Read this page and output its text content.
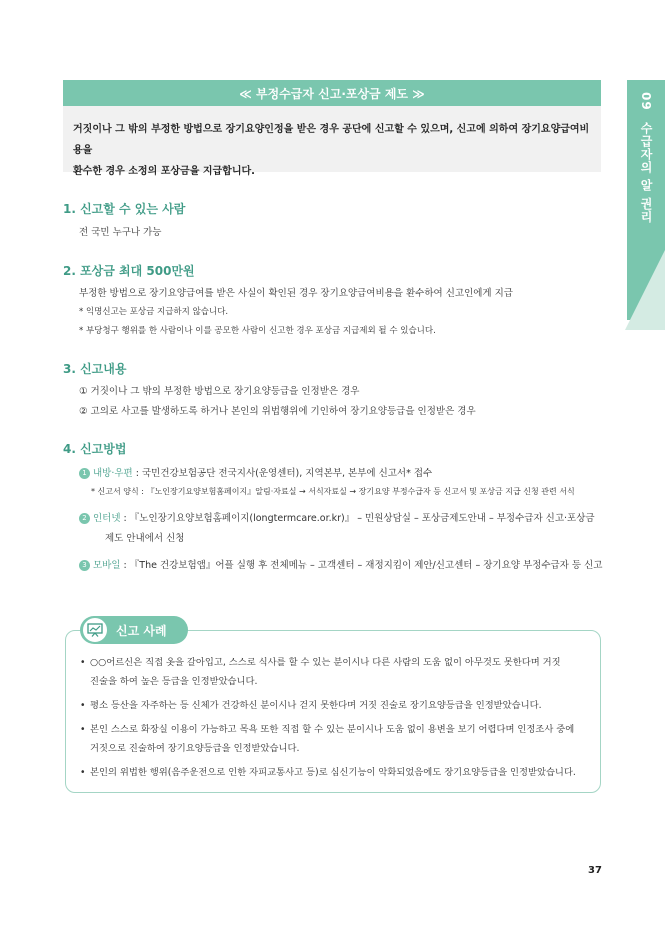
09 수급자의 알 권리
≪ 부정수급자 신고·포상금 제도 ≫
거짓이나 그 밖의 부정한 방법으로 장기요양인정을 받은 경우 공단에 신고할 수 있으며, 신고에 의하여 장기요양급여비용을
환수한 경우 소정의 포상금을 지급합니다.
1. 신고할 수 있는 사람
전 국민 누구나 가능
2. 포상금 최대 500만원
부정한 방법으로 장기요양급여를 받은 사실이 확인된 경우 장기요양급여비용을 환수하여 신고인에게 지급
* 익명신고는 포상금 지급하지 않습니다.
* 부당청구 행위를 한 사람이나 이를 공모한 사람이 신고한 경우 포상금 지급제외 될 수 있습니다.
3. 신고내용
① 거짓이나 그 밖의 부정한 방법으로 장기요양등급을 인정받은 경우
② 고의로 사고를 발생하도록 하거나 본인의 위법행위에 기인하여 장기요양등급을 인정받은 경우
4. 신고방법
1 내방·우편 : 국민건강보험공단 전국지사(운영센터), 지역본부, 본부에 신고서* 접수
* 신고서 양식 : 『노인장기요양보험홈페이지』알림·자료실 → 서식자료실 → 장기요양 부정수급자 등 신고서 및 포상금 지급 신청 관련 서식
2 인터넷 : 『노인장기요양보험홈페이지(longtermcare.or.kr)』 – 민원상담실 – 포상금제도안내 – 부정수급자 신고·포상금
제도 안내에서 신청
3 모바일 : 『The 건강보험앱』어플 실행 후 전체메뉴 – 고객센터 – 재정지킴이 제안/신고센터 – 장기요양 부정수급자 등 신고
신고 사례
• ○○어르신은 직접 옷을 갈아입고, 스스로 식사를 할 수 있는 분이시나 다른 사람의 도움 없이 아무것도 못한다며 거짓
진술을 하여 높은 등급을 인정받았습니다.
• 평소 등산을 자주하는 등 신체가 건강하신 분이시나 걷지 못한다며 거짓 진술로 장기요양등급을 인정받았습니다.
• 본인 스스로 화장실 이용이 가능하고 목욕 또한 직접 할 수 있는 분이시나 도움 없이 용변을 보기 어렵다며 인정조사 중에
거짓으로 진술하여 장기요양등급을 인정받았습니다.
• 본인의 위법한 행위(음주운전으로 인한 자피교통사고 등)로 심신기능이 악화되었음에도 장기요양등급을 인정받았습니다.
37
